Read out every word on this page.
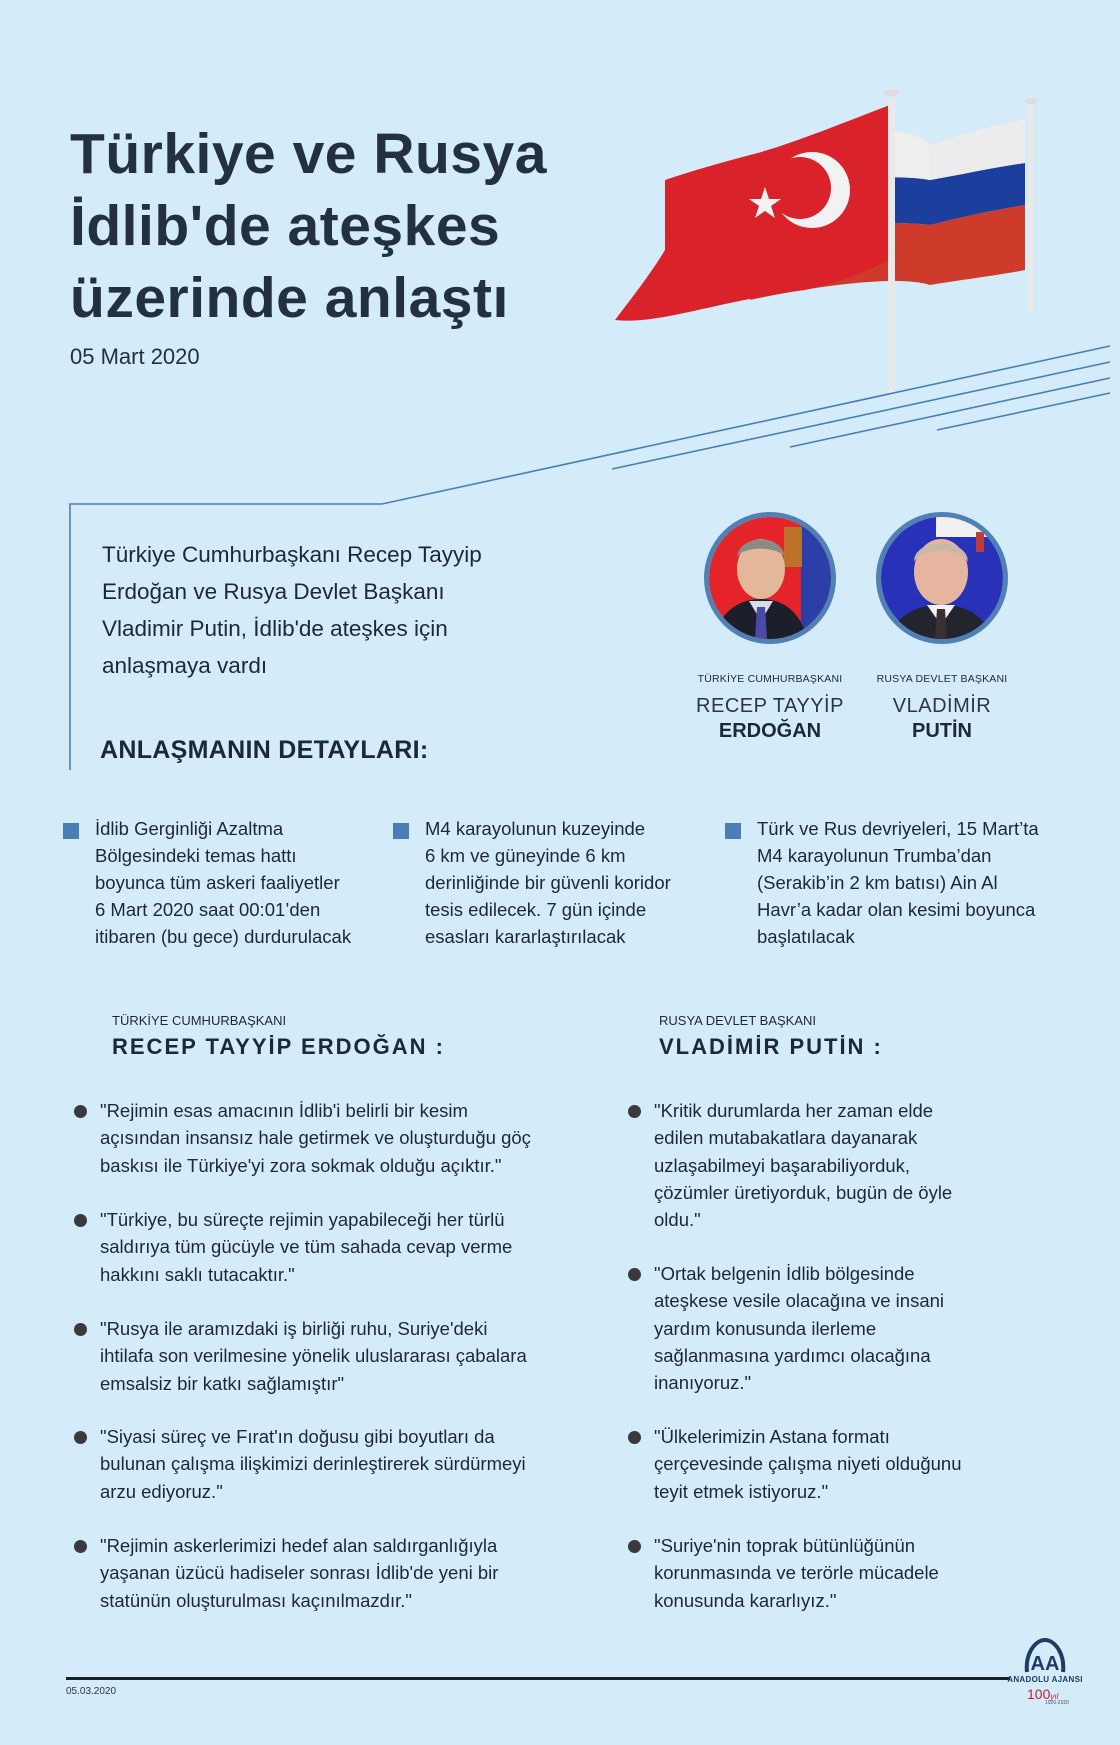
Türkiye ve Rusya
İdlib'de ateşkes
üzerinde anlaştı
05 Mart 2020
Türkiye Cumhurbaşkanı Recep Tayyip
Erdoğan ve Rusya Devlet Başkanı
Vladimir Putin, İdlib'de ateşkes için
anlaşmaya vardı
TÜRKİYE CUMHURBAŞKANI
RECEP TAYYİP
ERDOĞAN
RUSYA DEVLET BAŞKANI
VLADİMİR
PUTİN
ANLAŞMANIN DETAYLARI:
İdlib Gerginliği Azaltma
Bölgesindeki temas hattı
boyunca tüm askeri faaliyetler
6 Mart 2020 saat 00:01’den
itibaren (bu gece) durdurulacak
M4 karayolunun kuzeyinde
6 km ve güneyinde 6 km
derinliğinde bir güvenli koridor
tesis edilecek. 7 gün içinde
esasları kararlaştırılacak
Türk ve Rus devriyeleri, 15 Mart’ta
M4 karayolunun Trumba’dan
(Serakib’in 2 km batısı) Ain Al
Havr’a kadar olan kesimi boyunca
başlatılacak
TÜRKİYE CUMHURBAŞKANI
RECEP TAYYİP ERDOĞAN :
RUSYA DEVLET BAŞKANI
VLADİMİR PUTİN :
"Rejimin esas amacının İdlib'i belirli bir kesim
açısından insansız hale getirmek ve oluşturduğu göç
baskısı ile Türkiye'yi zora sokmak olduğu açıktır."
"Türkiye, bu süreçte rejimin yapabileceği her türlü
saldırıya tüm gücüyle ve tüm sahada cevap verme
hakkını saklı tutacaktır."
"Rusya ile aramızdaki iş birliği ruhu, Suriye'deki
ihtilafa son verilmesine yönelik uluslararası çabalara
emsalsiz bir katkı sağlamıştır"
"Siyasi süreç ve Fırat'ın doğusu gibi boyutları da
bulunan çalışma ilişkimizi derinleştirerek sürdürmeyi
arzu ediyoruz."
"Rejimin askerlerimizi hedef alan saldırganlığıyla
yaşanan üzücü hadiseler sonrası İdlib'de yeni bir
statünün oluşturulması kaçınılmazdır."
"Kritik durumlarda her zaman elde
edilen mutabakatlara dayanarak
uzlaşabilmeyi başarabiliyorduk,
çözümler üretiyorduk, bugün de öyle
oldu."
"Ortak belgenin İdlib bölgesinde
ateşkese vesile olacağına ve insani
yardım konusunda ilerleme
sağlanmasına yardımcı olacağına
inanıyoruz."
"Ülkelerimizin Astana formatı
çerçevesinde çalışma niyeti olduğunu
teyit etmek istiyoruz."
"Suriye'nin toprak bütünlüğünün
korunmasında ve terörle mücadele
konusunda kararlıyız."
05.03.2020
AA
ANADOLU AJANSI
100yıl
1920-2020
